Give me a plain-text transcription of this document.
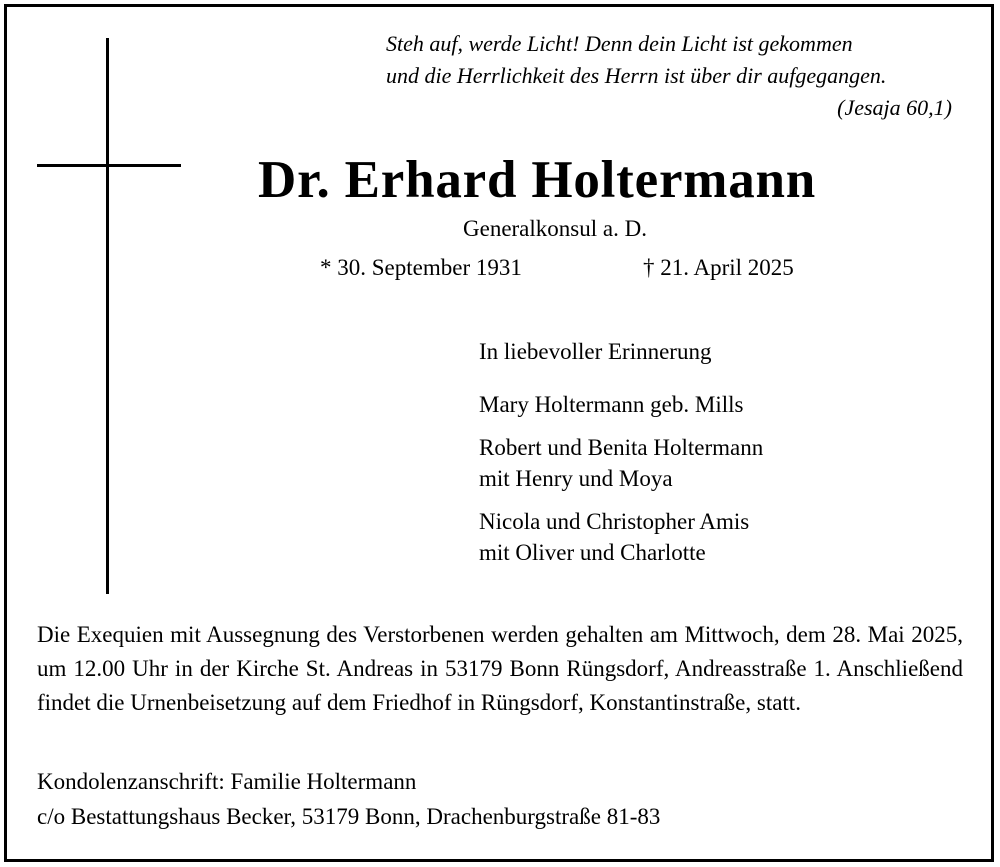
Steh auf, werde Licht! Denn dein Licht ist gekommen
und die Herrlichkeit des Herrn ist über dir aufgegangen.

(Jesaja 60,1)
Dr. Erhard Holtermann
Generalkonsul a. D.
* 30. September 1931	† 21. April 2025
In liebevoller Erinnerung
Mary Holtermann geb. Mills
Robert und Benita Holtermann
mit Henry und Moya
Nicola und Christopher Amis
mit Oliver und Charlotte
Die Exequien mit Aussegnung des Verstorbenen werden gehalten am Mittwoch, dem 28. Mai 2025, um 12.00 Uhr in der Kirche St. Andreas in 53179 Bonn Rüngsdorf, Andreasstraße 1. Anschließend findet die Urnenbeisetzung auf dem Friedhof in Rüngsdorf, Konstantinstraße, statt.
Kondolenzanschrift: Familie Holtermann
c/o Bestattungshaus Becker, 53179 Bonn, Drachenburgstraße 81-83
